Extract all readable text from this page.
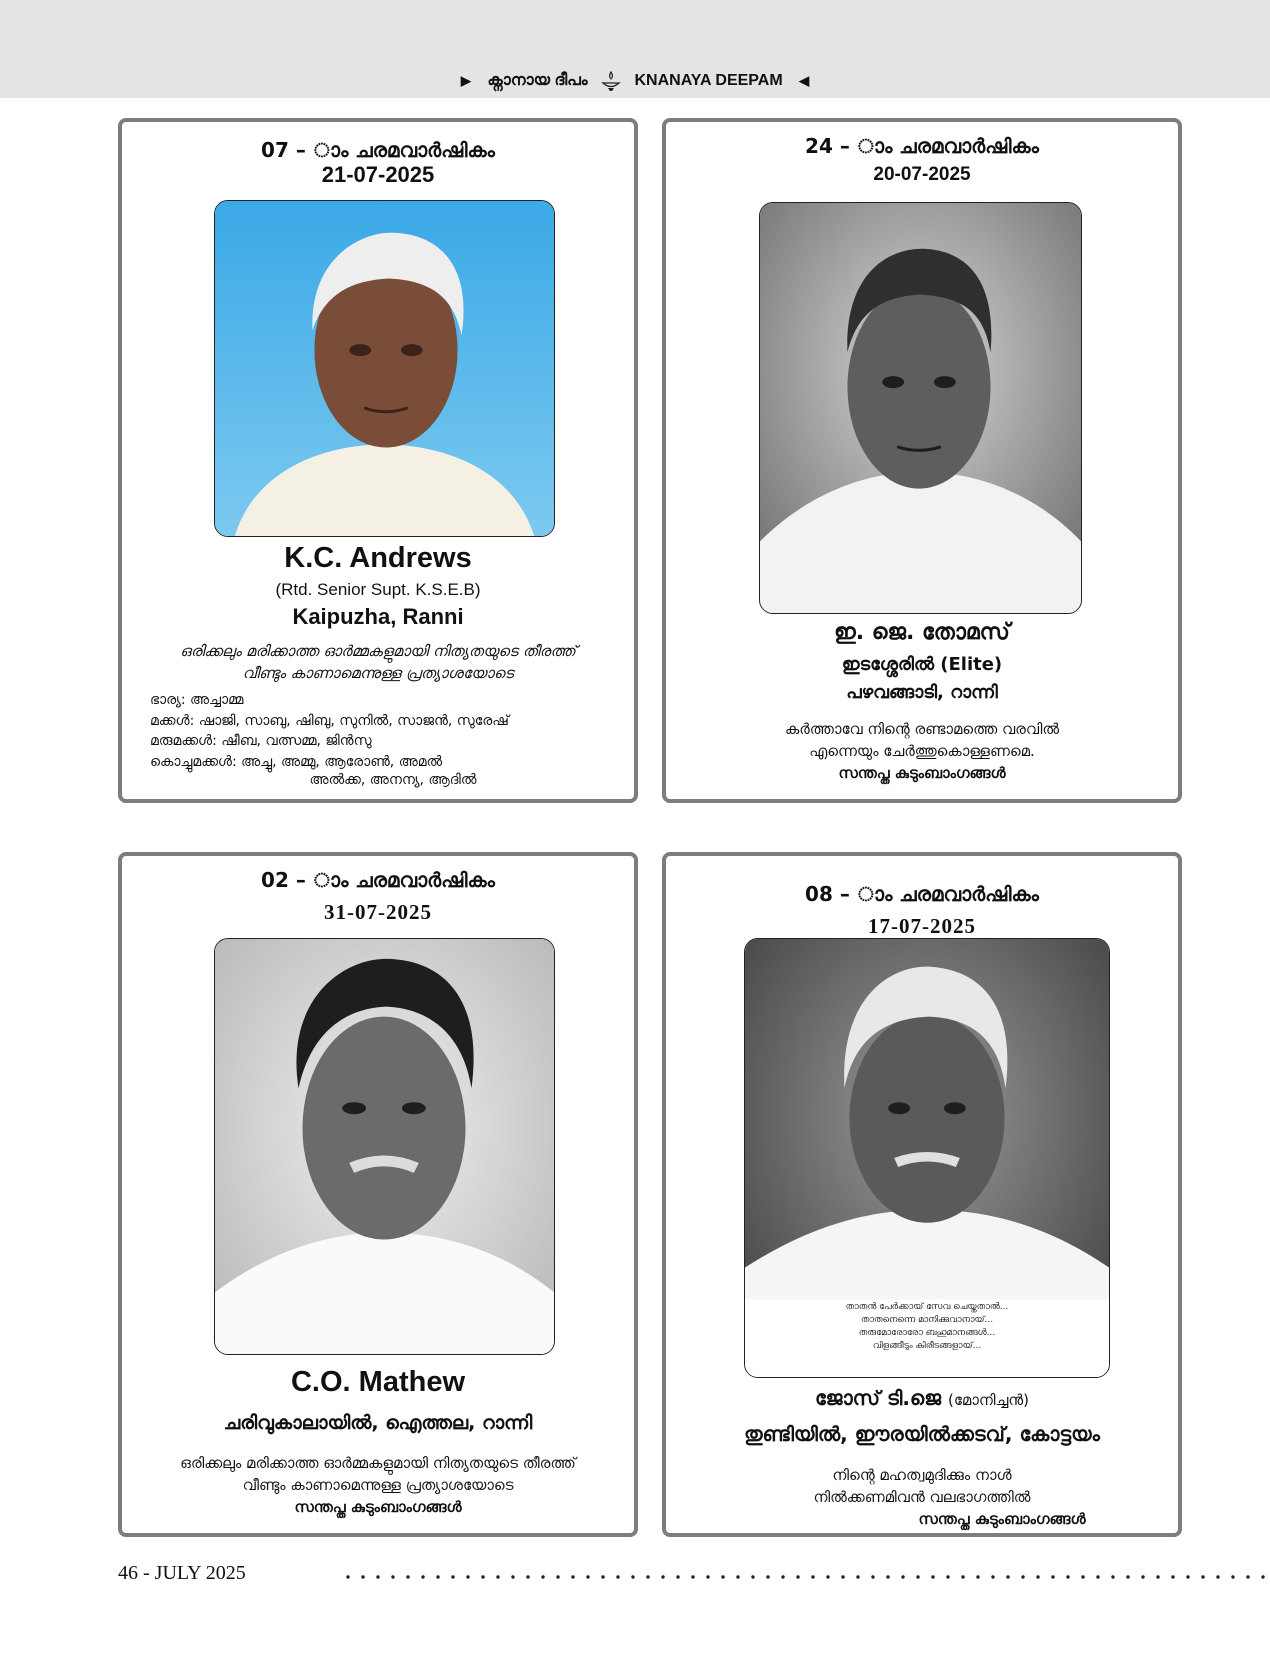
▶ ക്നാനായ ദീപം	KNANAYA DEEPAM ◀
07 – ാം ചരമവാർഷികം
21-07-2025
K.C. Andrews
(Rtd. Senior Supt. K.S.E.B)
Kaipuzha, Ranni
ഒരിക്കലും മരിക്കാത്ത ഓർമ്മകളുമായി നിത്യതയുടെ തീരത്ത്
വീണ്ടും കാണാമെന്നുള്ള പ്രത്യാശയോടെ
ഭാര്യ: അച്ചാമ്മ
മക്കൾ: ഷാജി, സാബു, ഷിബു, സുനിൽ, സാജൻ, സുരേഷ്
മരുമക്കൾ: ഷീബ, വത്സമ്മ, ജിൻസു
കൊച്ചുമക്കൾ: അച്ചു, അമ്മു, ആരോൺ, അമൽ
അൽക്ക, അനന്യ, ആദിൽ
24 – ാം ചരമവാർഷികം
20-07-2025
ഇ. ജെ. തോമസ്
ഇടശ്ശേരിൽ (Elite)
പഴവങ്ങാടി, റാന്നി
കർത്താവേ നിന്റെ രണ്ടാമത്തെ വരവിൽ
എന്നെയും ചേർത്തുകൊള്ളണമെ.
സന്തപ്ത കുടുംബാംഗങ്ങൾ
02 – ാം ചരമവാർഷികം
31-07-2025
C.O. Mathew
ചരിവുകാലായിൽ, ഐത്തല, റാന്നി
ഒരിക്കലും മരിക്കാത്ത ഓർമ്മകളുമായി നിത്യതയുടെ തീരത്ത്
വീണ്ടും കാണാമെന്നുള്ള പ്രത്യാശയോടെ
സന്തപ്ത കുടുംബാംഗങ്ങൾ
08 – ാം ചരമവാർഷികം
17-07-2025
താതൻ പേർക്കായ് സേവ ചെയ്തതാൽ...
താതനെന്നെ മാനിക്കുവാനായ്...
തരുമോരോരോ ബഹുമാനങ്ങൾ...
വിളങ്ങീടും കിരീടങ്ങളായ്...
ജോസ് ടി.ജെ (മോനിച്ചൻ)
തുണ്ടിയിൽ, ഈരയിൽക്കടവ്, കോട്ടയം
നിന്റെ മഹത്വമുദിക്കും നാൾ
നിൽക്കണമിവൻ വലഭാഗത്തിൽ
സന്തപ്ത കുടുംബാംഗങ്ങൾ
46 - JULY 2025
